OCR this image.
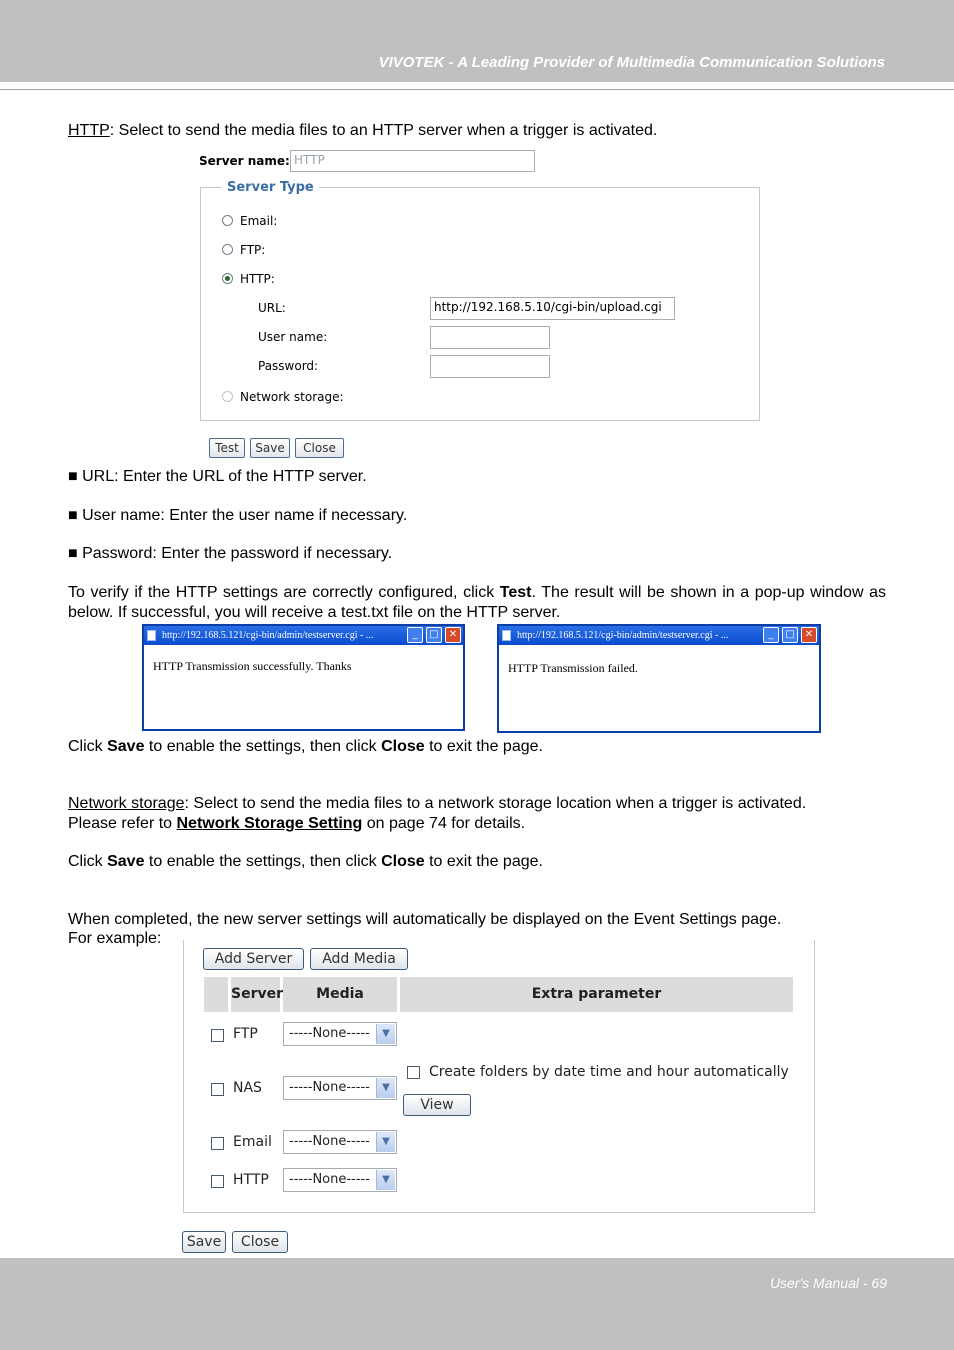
VIVOTEK - A Leading Provider of Multimedia Communication Solutions
HTTP: Select to send the media files to an HTTP server when a trigger is activated.
Server name: HTTP
Server Type
Email:
FTP:
HTTP:
URL:	http://192.168.5.10/cgi-bin/upload.cgi
User name:
Password:
Network storage:
Test	Save	Close
■ URL: Enter the URL of the HTTP server.
■ User name: Enter the user name if necessary.
■ Password: Enter the password if necessary.
To verify if the HTTP settings are correctly configured, click Test. The result will be shown in a pop-up window as below. If successful, you will receive a test.txt file on the HTTP server.
http://192.168.5.121/cgi-bin/admin/testserver.cgi - ...	_	□	✕
HTTP Transmission successfully. Thanks
http://192.168.5.121/cgi-bin/admin/testserver.cgi - ...	_	□	✕
HTTP Transmission failed.
Click Save to enable the settings, then click Close to exit the page.
Network storage: Select to send the media files to a network storage location when a trigger is activated.
Please refer to Network Storage Setting on page 74 for details.
Click Save to enable the settings, then click Close to exit the page.
When completed, the new server settings will automatically be displayed on the Event Settings page.
For example:
Add Server	Add Media
Server	Media	Extra parameter
FTP	-----None-----	▼
NAS	-----None-----	▼
Create folders by date time and hour automatically
View
Email	-----None-----	▼
HTTP	-----None-----	▼
Save	Close
User's Manual - 69
